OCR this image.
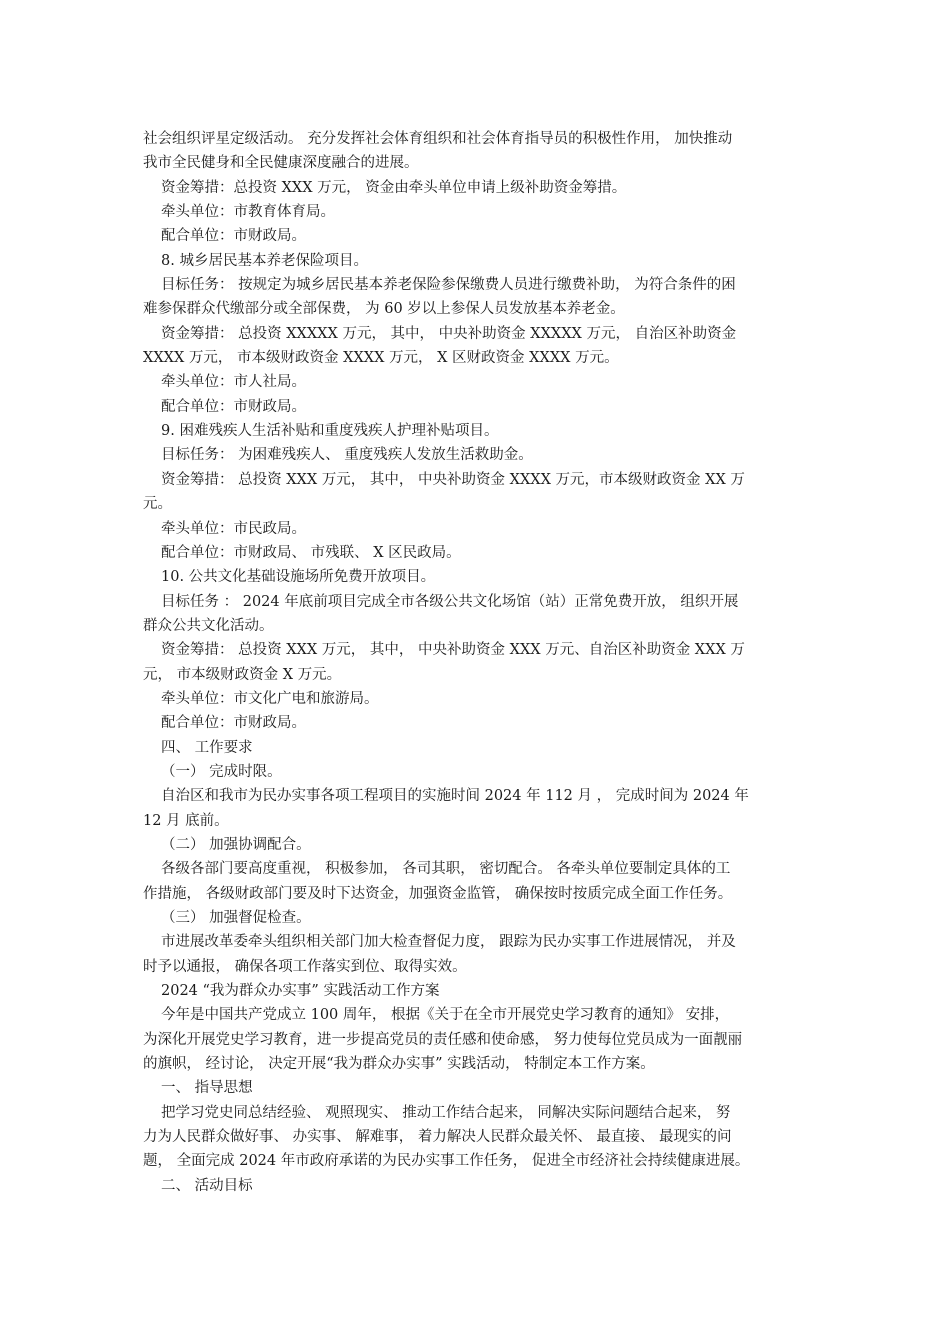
社会组织评星定级活动。 充分发挥社会体育组织和社会体育指导员的积极性作用， 加快推动
我市全民健身和全民健康深度融合的进展。
资金筹措：总投资 XXX 万元， 资金由牵头单位申请上级补助资金筹措。
牵头单位：市教育体育局。
配合单位：市财政局。
8. 城乡居民基本养老保险项目。
目标任务： 按规定为城乡居民基本养老保险参保缴费人员进行缴费补助， 为符合条件的困
难参保群众代缴部分或全部保费， 为 60 岁以上参保人员发放基本养老金。
资金筹措： 总投资 XXXXX 万元， 其中， 中央补助资金 XXXXX 万元， 自治区补助资金
XXXX 万元， 市本级财政资金 XXXX 万元， X 区财政资金 XXXX 万元。
牵头单位：市人社局。
配合单位：市财政局。
9. 困难残疾人生活补贴和重度残疾人护理补贴项目。
目标任务： 为困难残疾人、 重度残疾人发放生活救助金。
资金筹措： 总投资 XXX 万元， 其中， 中央补助资金 XXXX 万元，市本级财政资金 XX 万
元。
牵头单位：市民政局。
配合单位：市财政局、 市残联、 X 区民政局。
10. 公共文化基础设施场所免费开放项目。
目标任务 ： 2024 年底前项目完成全市各级公共文化场馆（站）正常免费开放， 组织开展
群众公共文化活动。
资金筹措： 总投资 XXX 万元， 其中， 中央补助资金 XXX 万元、自治区补助资金 XXX 万
元， 市本级财政资金 X 万元。
牵头单位：市文化广电和旅游局。
配合单位：市财政局。
四、 工作要求
（一） 完成时限。
自治区和我市为民办实事各项工程项目的实施时间 2024 年 112 月 ， 完成时间为 2024 年
12 月 底前。
（二） 加强协调配合。
各级各部门要高度重视， 积极参加， 各司其职， 密切配合。 各牵头单位要制定具体的工
作措施， 各级财政部门要及时下达资金，加强资金监管， 确保按时按质完成全面工作任务。
（三） 加强督促检查。
市进展改革委牵头组织相关部门加大检查督促力度， 跟踪为民办实事工作进展情况， 并及
时予以通报， 确保各项工作落实到位、取得实效。
2024 “我为群众办实事” 实践活动工作方案
今年是中国共产党成立 100 周年， 根据《关于在全市开展党史学习教育的通知》 安排，
为深化开展党史学习教育，进一步提高党员的责任感和使命感， 努力使每位党员成为一面靓丽
的旗帜， 经讨论， 决定开展“我为群众办实事” 实践活动， 特制定本工作方案。
一、 指导思想
把学习党史同总结经验、 观照现实、 推动工作结合起来， 同解决实际问题结合起来， 努
力为人民群众做好事、 办实事、 解难事， 着力解决人民群众最关怀、 最直接、 最现实的问
题， 全面完成 2024 年市政府承诺的为民办实事工作任务， 促进全市经济社会持续健康进展。
二、 活动目标
